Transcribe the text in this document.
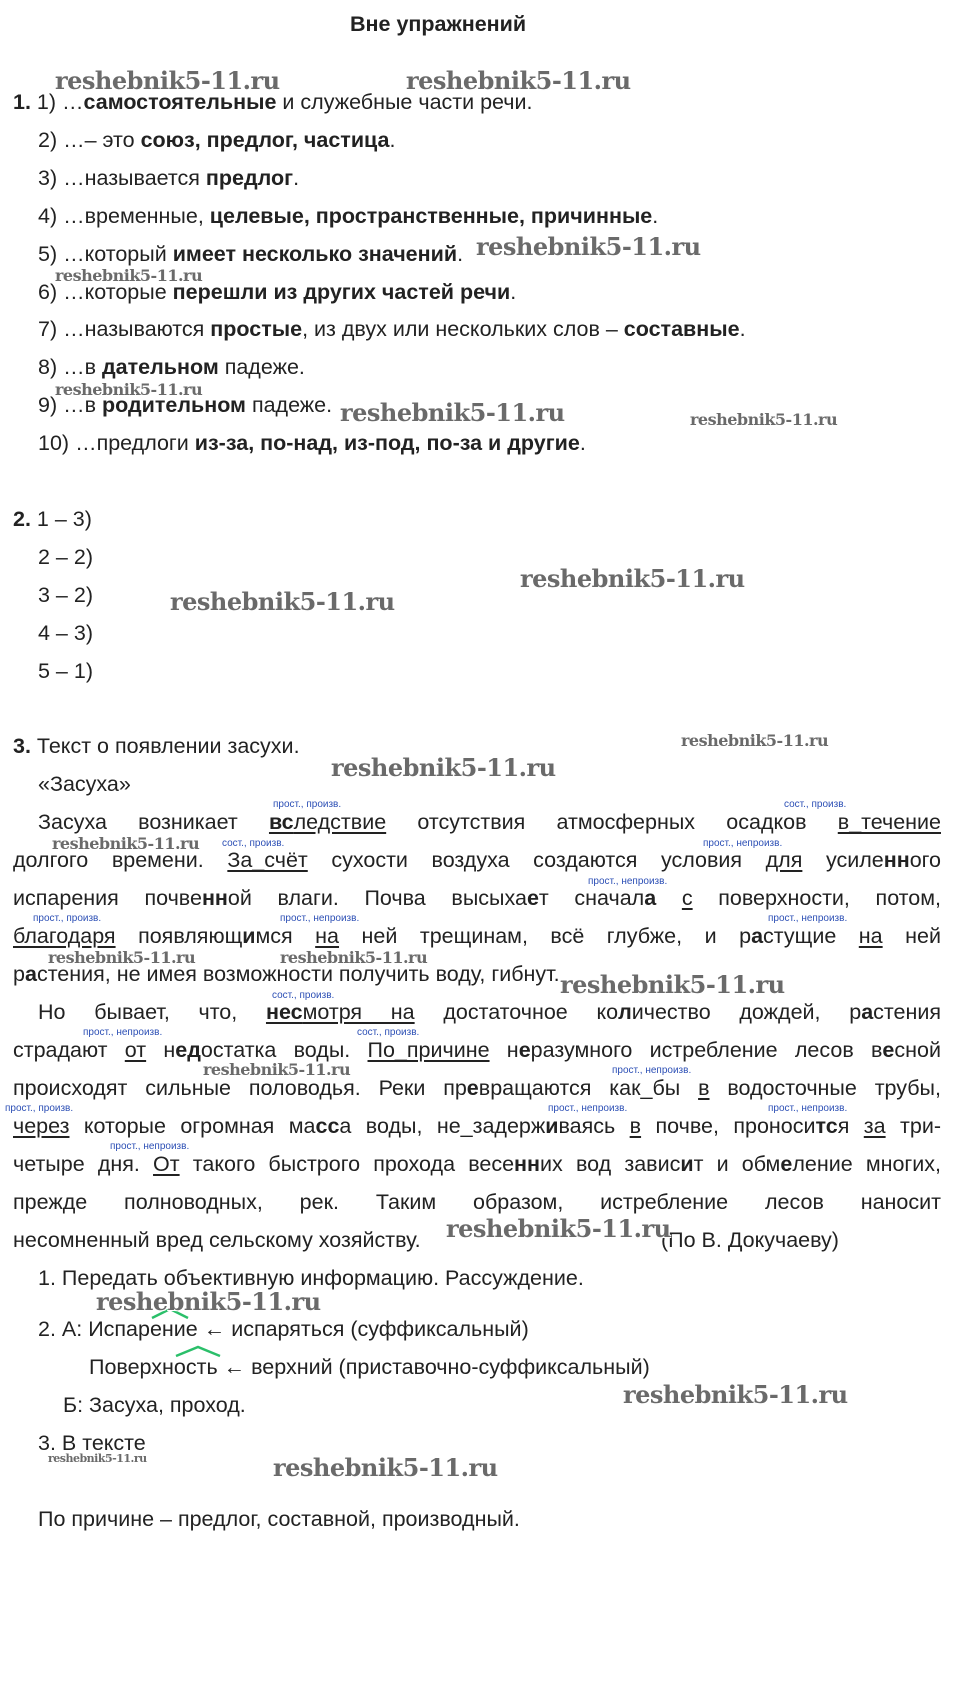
Вне упражнений
1. 1) …самостоятельные и служебные части речи.
2) …– это союз, предлог, частица.
3) …называется предлог.
4) …временные, целевые, пространственные, причинные.
5) …который имеет несколько значений.
6) …которые перешли из других частей речи.
7) …называются простые, из двух или нескольких слов – составные.
8) …в дательном падеже.
9) …в родительном падеже.
10) …предлоги из-за, по-над, из-под, по-за и другие.
2. 1 – 3)
2 – 2)
3 – 2)
4 – 3)
5 – 1)
3. Текст о появлении засухи.
«Засуха»
прост., произв.	сост., произв.
сост., произв.	прост., непроизв.
прост., непроизв.
прост., произв.	прост., непроизв.	прост., непроизв.
сост., произв.
прост., непроизв.	сост., произв.
прост., непроизв.
прост., произв.	прост., непроизв.	прост., непроизв.
прост., непроизв.
Засуха возникает вследствие отсутствия атмосферных осадков в_течение
долгого времени. За_счёт сухости воздуха создаются условия для усиленного
испарения почвенной влаги. Почва высыхает сначала с поверхности, потом,
благодаря появляющимся на ней трещинам, всё глубже, и растущие на ней
растения, не имея возможности получить воду, гибнут.
Но бывает, что, несмотря на достаточное количество дождей, растения
страдают от недостатка воды. По_причине неразумного истребление лесов весной
происходят сильные половодья. Реки превращаются как_бы в водосточные трубы,
через которые огромная масса воды, не_задерживаясь в почве, проносится за три-
четыре дня. От такого быстрого прохода весенних вод зависит и обмеление многих,
прежде полноводных, рек. Таким образом, истребление лесов наносит
несомненный вред сельскому хозяйству.	(По В. Докучаеву)
1. Передать объективную информацию. Рассуждение.
2. А: Испарение ← испаряться (суффиксальный)
Поверхность ← верхний (приставочно-суффиксальный)
Б: Засуха, проход.
3. В тексте
По причине – предлог, составной, производный.
reshebnik5-11.ru	reshebnik5-11.ru
reshebnik5-11.ru
reshebnik5-11.ru
reshebnik5-11.ru
reshebnik5-11.ru	reshebnik5-11.ru
reshebnik5-11.ru
reshebnik5-11.ru
reshebnik5-11.ru
reshebnik5-11.ru
reshebnik5-11.ru
reshebnik5-11.ru	reshebnik5-11.ru
reshebnik5-11.ru
reshebnik5-11.ru
reshebnik5-11.ru
reshebnik5-11.ru
reshebnik5-11.ru
reshebnik5-11.ru	reshebnik5-11.ru
